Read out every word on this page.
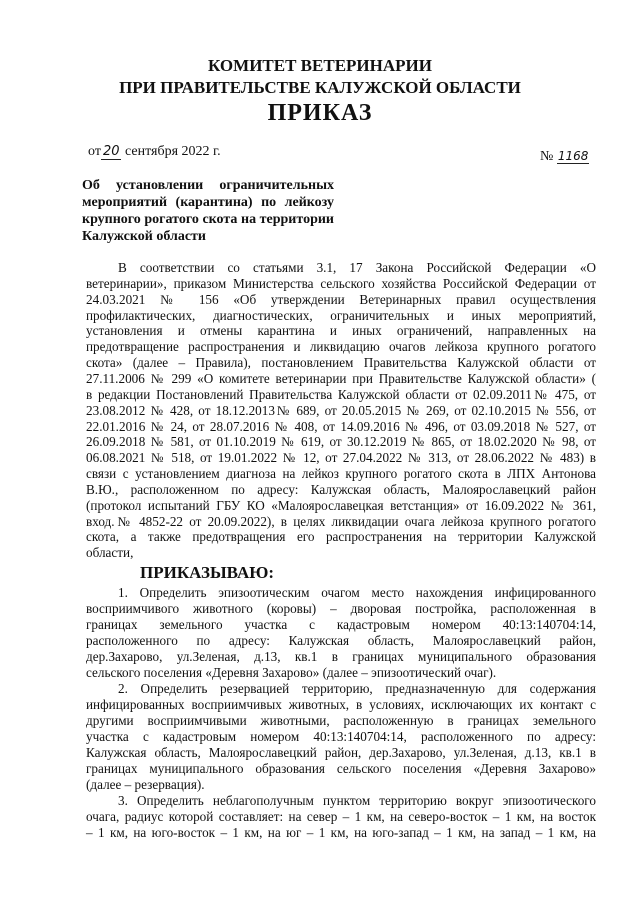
КОМИТЕТ ВЕТЕРИНАРИИ
ПРИ ПРАВИТЕЛЬСТВЕ КАЛУЖСКОЙ ОБЛАСТИ
ПРИКАЗ
от 20 сентября 2022 г.	№ 1168
Об установлении ограничительных
мероприятий (карантина) по лейкозу
крупного рогатого скота на территории
Калужской области
В соответствии со статьями 3.1, 17 Закона Российской Федерации «О
ветеринарии», приказом Министерства сельского хозяйства Российской Федерации от
24.03.2021 № 156 «Об утверждении Ветеринарных правил осуществления
профилактических, диагностических, ограничительных и иных мероприятий,
установления и отмены карантина и иных ограничений, направленных на
предотвращение распространения и ликвидацию очагов лейкоза крупного рогатого
скота» (далее – Правила), постановлением Правительства Калужской области от
27.11.2006 № 299 «О комитете ветеринарии при Правительстве Калужской области» (
в редакции Постановлений Правительства Калужской области от 02.09.2011№ 475, от
23.08.2012 № 428, от 18.12.2013№ 689, от 20.05.2015 № 269, от 02.10.2015 № 556, от
22.01.2016 № 24, от 28.07.2016 № 408, от 14.09.2016 № 496, от 03.09.2018 № 527, от
26.09.2018 № 581, от 01.10.2019 № 619, от 30.12.2019 № 865, от 18.02.2020 № 98, от
06.08.2021 № 518, от 19.01.2022 № 12, от 27.04.2022 № 313, от 28.06.2022 № 483) в
связи с установлением диагноза на лейкоз крупного рогатого скота в ЛПХ Антонова
В.Ю., расположенном по адресу: Калужская область, Малоярославецкий район
(протокол испытаний ГБУ КО «Малоярославецкая ветстанция» от 16.09.2022 № 361,
вход.№ 4852-22 от 20.09.2022), в целях ликвидации очага лейкоза крупного рогатого
скота, а также предотвращения его распространения на территории Калужской
области,
ПРИКАЗЫВАЮ:
1. Определить эпизоотическим очагом место нахождения инфицированного
восприимчивого животного (коровы) – дворовая постройка, расположенная в
границах земельного участка с кадастровым номером 40:13:140704:14,
расположенного по адресу: Калужская область, Малоярославецкий район,
дер.Захарово, ул.Зеленая, д.13, кв.1 в границах муниципального образования
сельского поселения «Деревня Захарово» (далее – эпизоотический очаг).
2. Определить резервацией территорию, предназначенную для содержания
инфицированных восприимчивых животных, в условиях, исключающих их контакт с
другими восприимчивыми животными, расположенную в границах земельного
участка с кадастровым номером 40:13:140704:14, расположенного по адресу:
Калужская область, Малоярославецкий район, дер.Захарово, ул.Зеленая, д.13, кв.1 в
границах муниципального образования сельского поселения «Деревня Захарово»
(далее – резервация).
3. Определить неблагополучным пунктом территорию вокруг эпизоотического
очага, радиус которой составляет: на север – 1 км, на северо-восток – 1 км, на восток
– 1 км, на юго-восток – 1 км, на юг – 1 км, на юго-запад – 1 км, на запад – 1 км, на
